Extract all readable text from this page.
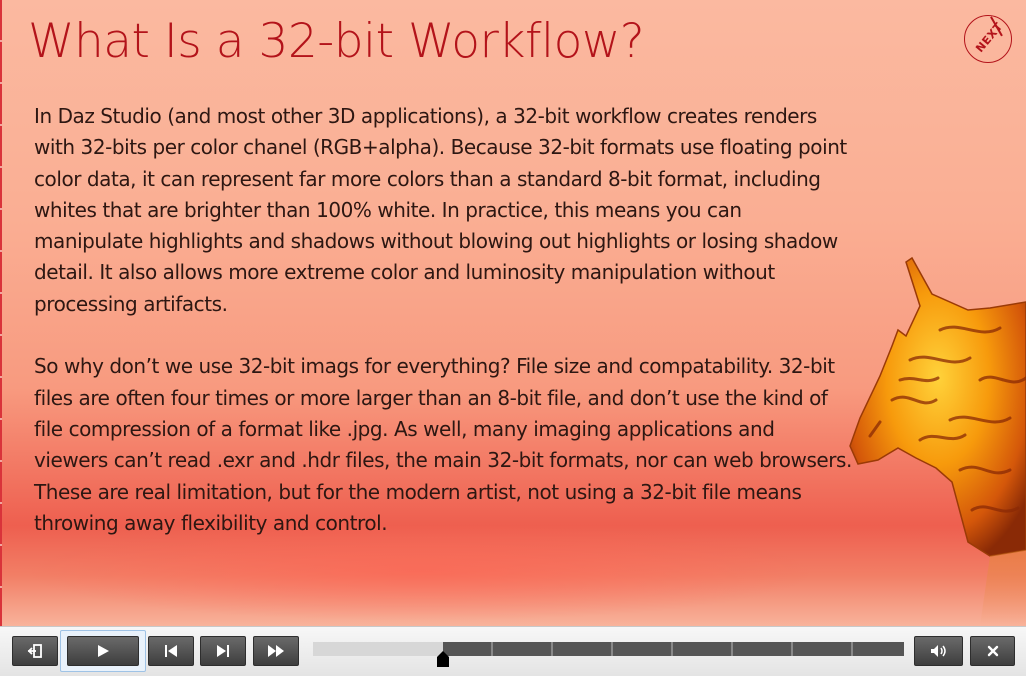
What Is a 32-bit Workflow?	NEXT

In Daz Studio (and most other 3D applications), a 32-bit workflow creates renders with 32-bits per color chanel (RGB+alpha). Because 32-bit formats use floating point color data, it can represent far more colors than a standard 8-bit format, including whites that are brighter than 100% white. In practice, this means you can manipulate highlights and shadows without blowing out highlights or losing shadow detail. It also allows more extreme color and luminosity manipulation without processing artifacts.

So why don’t we use 32-bit imags for everything? File size and compatability. 32-bit files are often four times or more larger than an 8-bit file, and don’t use the kind of file compression of a format like .jpg. As well, many imaging applications and viewers can’t read .exr and .hdr files, the main 32-bit formats, nor can web browsers. These are real limitation, but for the modern artist, not using a 32-bit file means throwing away flexibility and control.
